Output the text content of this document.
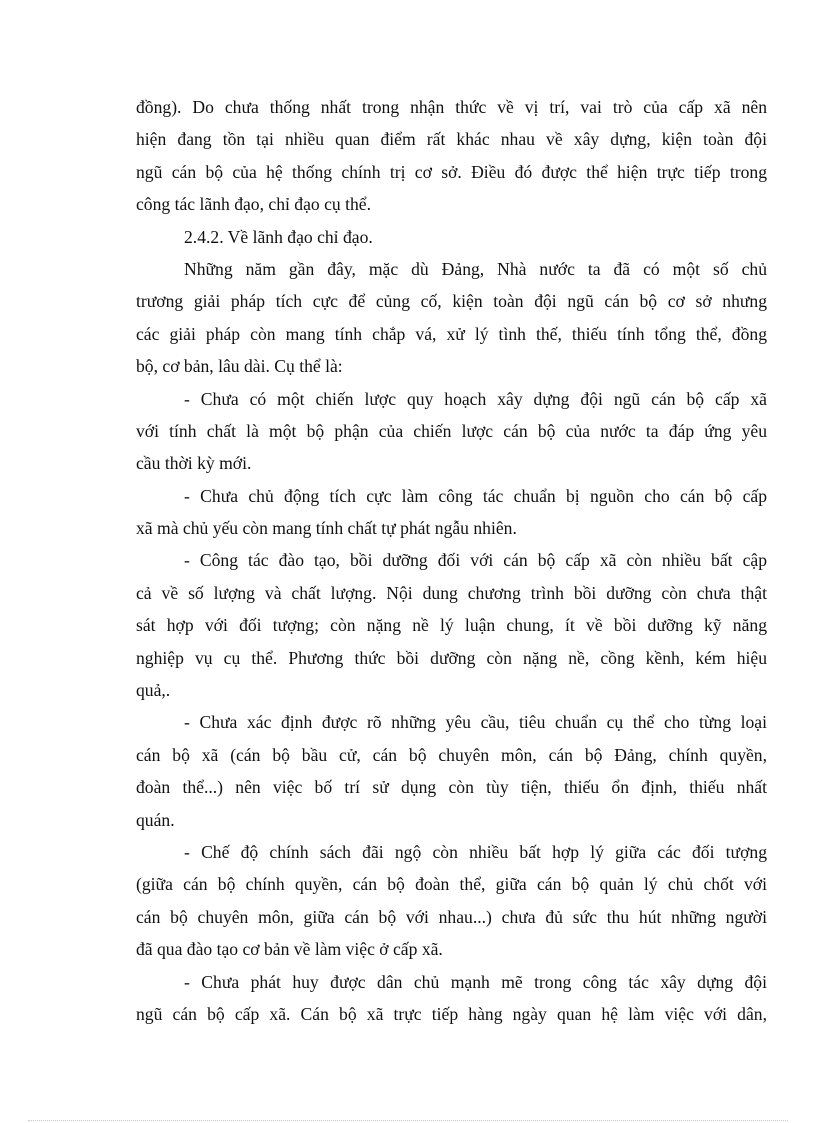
đồng). Do chưa thống nhất trong nhận thức về vị trí, vai trò của cấp xã nên
hiện đang tồn tại nhiều quan điểm rất khác nhau về xây dựng, kiện toàn đội
ngũ cán bộ của hệ thống chính trị cơ sở. Điều đó được thể hiện trực tiếp trong
công tác lãnh đạo, chỉ đạo cụ thể.
2.4.2. Về lãnh đạo chỉ đạo.
Những năm gần đây, mặc dù Đảng, Nhà nước ta đã có một số chủ
trương giải pháp tích cực để củng cố, kiện toàn đội ngũ cán bộ cơ sở nhưng
các giải pháp còn mang tính chắp vá, xử lý tình thế, thiếu tính tổng thể, đồng
bộ, cơ bản, lâu dài. Cụ thể là:
- Chưa có một chiến lược quy hoạch xây dựng đội ngũ cán bộ cấp xã
với tính chất là một bộ phận của chiến lược cán bộ của nước ta đáp ứng yêu
cầu thời kỳ mới.
- Chưa chủ động tích cực làm công tác chuẩn bị nguồn cho cán bộ cấp
xã mà chủ yếu còn mang tính chất tự phát ngẫu nhiên.
- Công tác đào tạo, bồi dưỡng đối với cán bộ cấp xã còn nhiều bất cập
cả về số lượng và chất lượng. Nội dung chương trình bồi dưỡng còn chưa thật
sát hợp với đối tượng; còn nặng nề lý luận chung, ít về bồi dưỡng kỹ năng
nghiệp vụ cụ thể. Phương thức bồi dưỡng còn nặng nề, cồng kềnh, kém hiệu
quả,.
- Chưa xác định được rõ những yêu cầu, tiêu chuẩn cụ thể cho từng loại
cán bộ xã (cán bộ bầu cử, cán bộ chuyên môn, cán bộ Đảng, chính quyền,
đoàn thể...) nên việc bố trí sử dụng còn tùy tiện, thiếu ổn định, thiếu nhất
quán.
- Chế độ chính sách đãi ngộ còn nhiều bất hợp lý giữa các đối tượng
(giữa cán bộ chính quyền, cán bộ đoàn thể, giữa cán bộ quản lý chủ chốt với
cán bộ chuyên môn, giữa cán bộ với nhau...) chưa đủ sức thu hút những người
đã qua đào tạo cơ bản về làm việc ở cấp xã.
- Chưa phát huy được dân chủ mạnh mẽ trong công tác xây dựng đội
ngũ cán bộ cấp xã. Cán bộ xã trực tiếp hàng ngày quan hệ làm việc với dân,
